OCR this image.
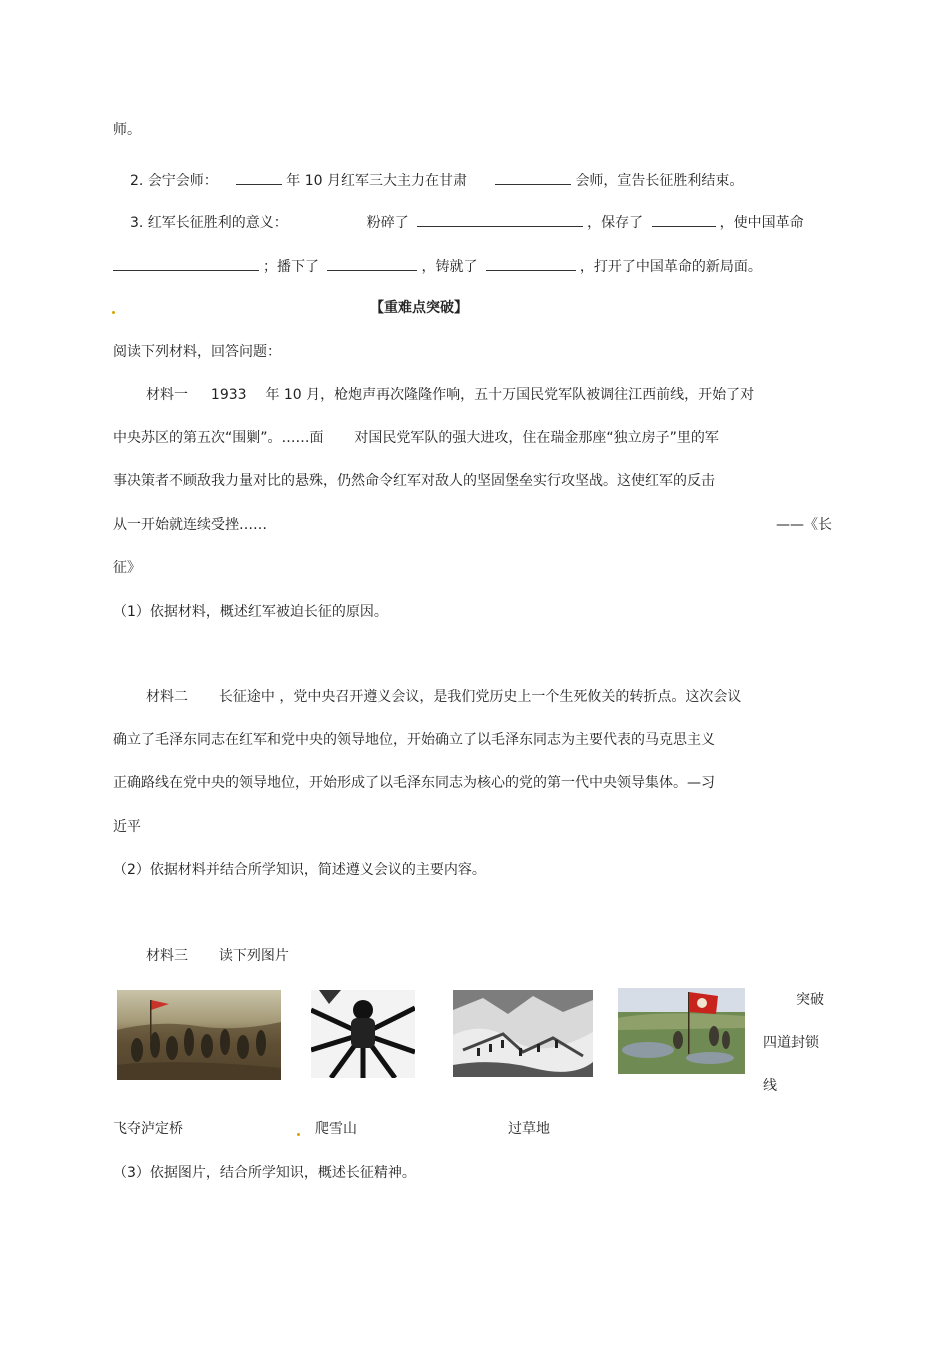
师。
2. 会宁会师：	年 10 月红军三大主力在甘肃	会师，宣告长征胜利结束。
3. 红军长征胜利的意义：	粉碎了	，保存了	，使中国革命
；播下了	，铸就了	，打开了中国革命的新局面。
【重难点突破】
阅读下列材料，回答问题：
材料一 1933 年 10 月，枪炮声再次隆隆作响，五十万国民党军队被调往江西前线，开始了对
中央苏区的第五次“围剿”。……面 对国民党军队的强大进攻，住在瑞金那座“独立房子”里的军
事决策者不顾敌我力量对比的悬殊，仍然命令红军对敌人的坚固堡垒实行攻坚战。这使红军的反击
从一开始就连续受挫……	——《长
征》
（1）依据材料，概述红军被迫长征的原因。
材料二 长征途中 ，党中央召开遵义会议，是我们党历史上一个生死攸关的转折点。这次会议
确立了毛泽东同志在红军和党中央的领导地位，开始确立了以毛泽东同志为主要代表的马克思主义
正确路线在党中央的领导地位，开始形成了以毛泽东同志为核心的党的第一代中央领导集体。—习
近平
（2）依据材料并结合所学知识，简述遵义会议的主要内容。
材料三 读下列图片
突破
四道封锁
线
飞夺泸定桥	爬雪山	过草地
（3）依据图片，结合所学知识，概述长征精神。
